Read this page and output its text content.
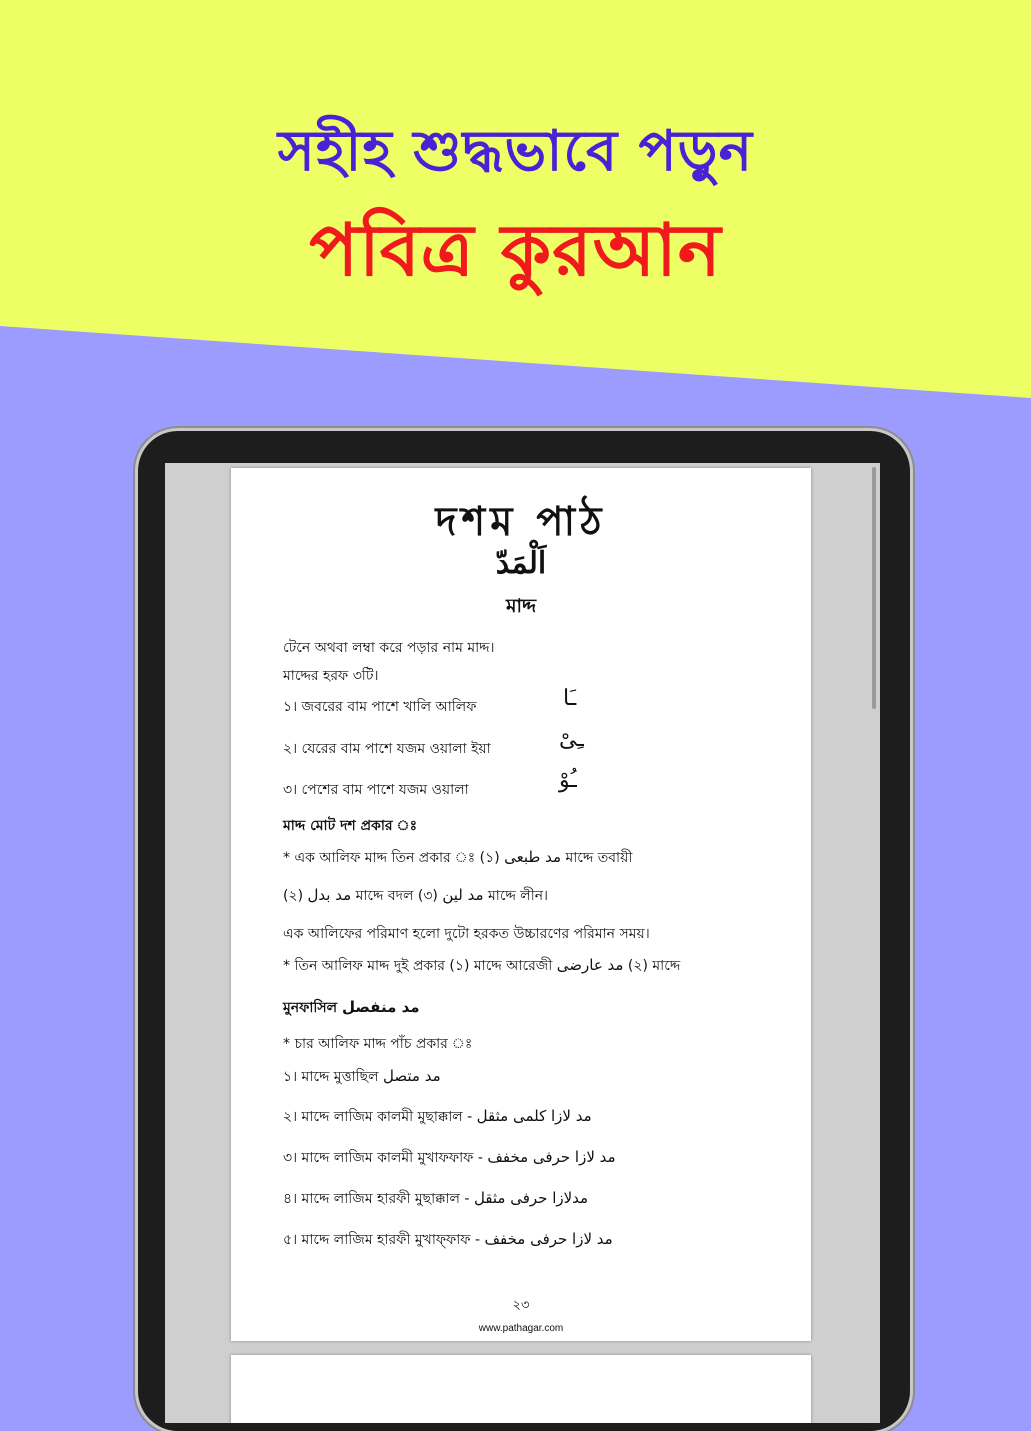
সহীহ শুদ্ধভাবে পড়ুন
পবিত্র কুরআন
দশম পাঠ
اَلْمَدّ
মাদ্দ
টেনে অথবা লম্বা করে পড়ার নাম মাদ্দ।
মাদ্দের হরফ ৩টি।
১। জবরের বাম পাশে খালি আলিফ	ـَا
২। যেরের বাম পাশে যজম ওয়ালা ইয়া	ـِیْ
৩। পেশের বাম পাশে যজম ওয়ালা	ـُوْ
মাদ্দ মোট দশ প্রকার ঃ
* এক আলিফ মাদ্দ তিন প্রকার ঃ (১) مد طبعی মাদ্দে তবায়ী
(২) مد بدل মাদ্দে বদল (৩) مد لین মাদ্দে লীন।
এক আলিফের পরিমাণ হলো দুটো হরকত উচ্চারণের পরিমান সময়।
* তিন আলিফ মাদ্দ দুই প্রকার (১) মাদ্দে আরেজী مد عارضی (২) মাদ্দে
মুনফাসিল مد منفصل
* চার আলিফ মাদ্দ পাঁচ প্রকার ঃ
১। মাদ্দে মুত্তাছিল مد متصل
২। মাদ্দে লাজিম কালমী মুছাক্কাল - مد لازا کلمی مثقل
৩। মাদ্দে লাজিম কালমী মুখাফফাফ - مد لازا حرفی مخفف
৪। মাদ্দে লাজিম হারফী মুছাক্কাল - مدلازا حرفی مثقل
৫। মাদ্দে লাজিম হারফী মুখাফ্ফাফ - مد لازا حرفی مخفف
২৩
www.pathagar.com
